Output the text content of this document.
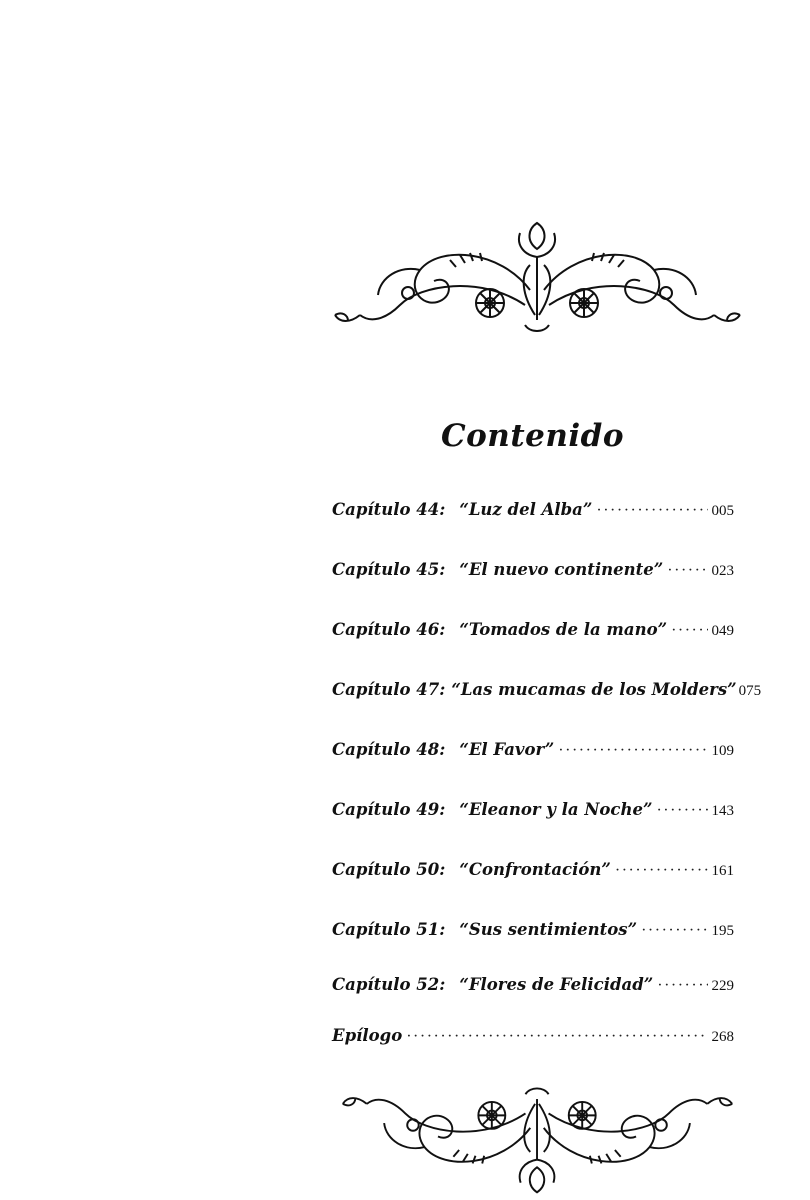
Contenido
Capítulo 44: “Luz del Alba” ·····	005
Capítulo 45: “El nuevo continente” ·····	023
Capítulo 46: “Tomados de la mano” ·····	049
Capítulo 47: “Las mucamas de los Molders” 075
Capítulo 48: “El Favor” ·····	109
Capítulo 49: “Eleanor y la Noche” ·····	143
Capítulo 50: “Confrontación” ·····	161
Capítulo 51: “Sus sentimientos” ·····	195
Capítulo 52: “Flores de Felicidad” ·····	229
Epílogo ·····	268
